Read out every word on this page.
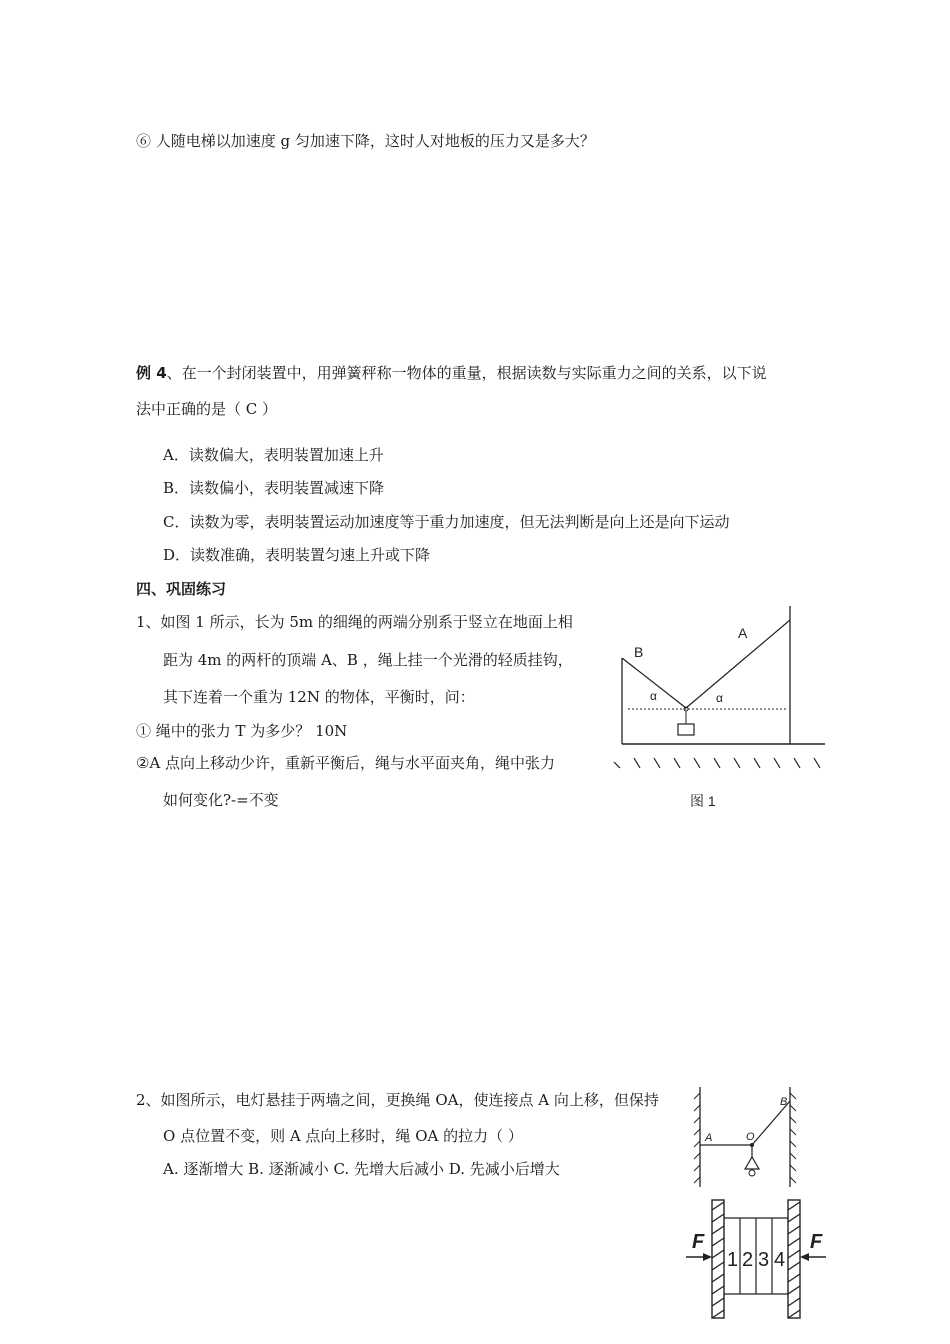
⑥ 人随电梯以加速度 g 匀加速下降，这时人对地板的压力又是多大？
例 4、在一个封闭装置中，用弹簧秤称一物体的重量，根据读数与实际重力之间的关系，以下说
法中正确的是（ C ）
A．读数偏大，表明装置加速上升
B．读数偏小，表明装置减速下降
C．读数为零，表明装置运动加速度等于重力加速度，但无法判断是向上还是向下运动
D．读数准确，表明装置匀速上升或下降
四、巩固练习
1、如图 1 所示，长为 5m 的细绳的两端分别系于竖立在地面上相
距为 4m 的两杆的顶端 A、B ，绳上挂一个光滑的轻质挂钩，
其下连着一个重为 12N 的物体，平衡时，问：
① 绳中的张力 T 为多少？ 10N
②A 点向上移动少许，重新平衡后，绳与水平面夹角，绳中张力
如何变化?-=不变
B
A
α	α
图 1
2、如图所示，电灯悬挂于两墙之间，更换绳 OA，使连接点 A 向上移，但保持
O 点位置不变，则 A 点向上移时，绳 OA 的拉力（ ）
A. 逐渐增大 B. 逐渐减小 C. 先增大后减小 D. 先减小后增大
A	O
B
1 2 3 4
F	F
